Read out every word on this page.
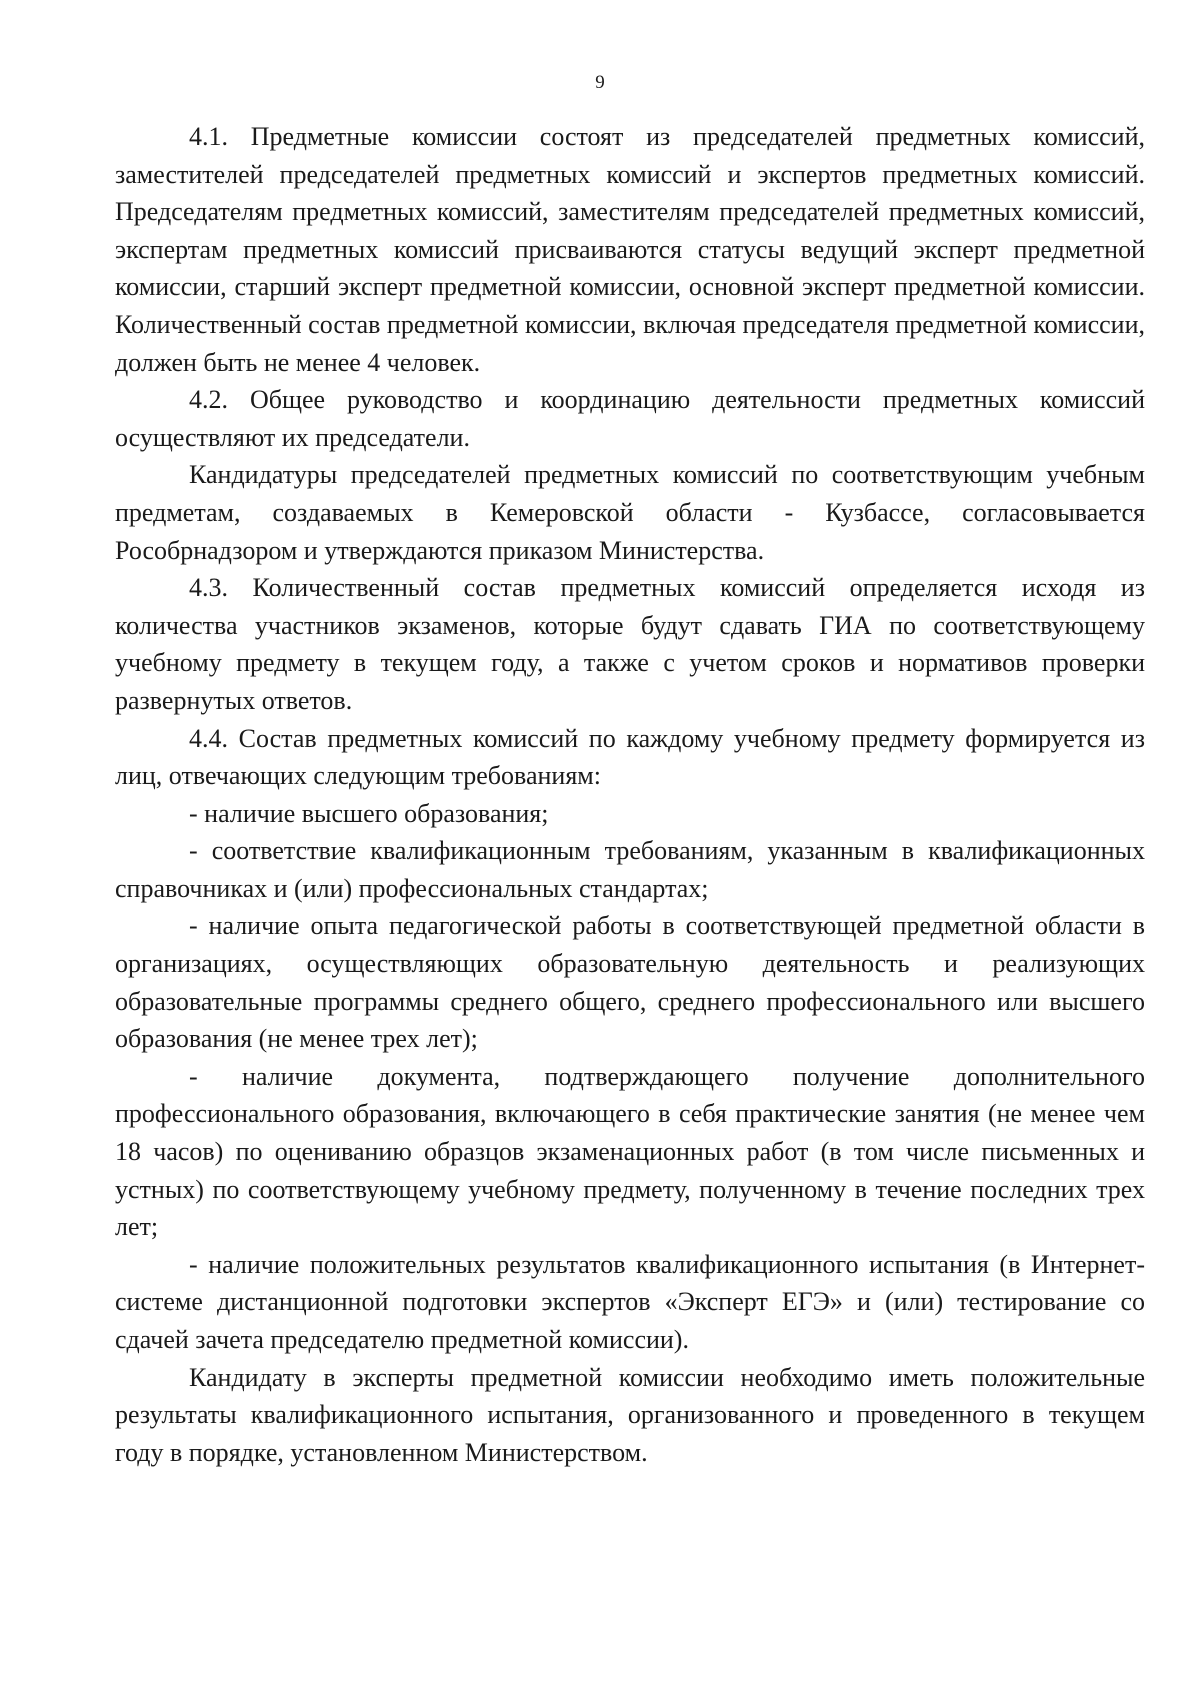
9

4.1. Предметные комиссии состоят из председателей предметных комиссий, заместителей председателей предметных комиссий и экспертов предметных комиссий. Председателям предметных комиссий, заместителям председателей предметных комиссий, экспертам предметных комиссий присваиваются статусы ведущий эксперт предметной комиссии, старший эксперт предметной комиссии, основной эксперт предметной комиссии. Количественный состав предметной комиссии, включая председателя предметной комиссии, должен быть не менее 4 человек.

4.2. Общее руководство и координацию деятельности предметных комиссий осуществляют их председатели.

Кандидатуры председателей предметных комиссий по соответствующим учебным предметам, создаваемых в Кемеровской области - Кузбассе, согласовывается Рособрнадзором и утверждаются приказом Министерства.

4.3. Количественный состав предметных комиссий определяется исходя из количества участников экзаменов, которые будут сдавать ГИА по соответствующему учебному предмету в текущем году, а также с учетом сроков и нормативов проверки развернутых ответов.

4.4. Состав предметных комиссий по каждому учебному предмету формируется из лиц, отвечающих следующим требованиям:

- наличие высшего образования;

- соответствие квалификационным требованиям, указанным в квалификационных справочниках и (или) профессиональных стандартах;

- наличие опыта педагогической работы в соответствующей предметной области в организациях, осуществляющих образовательную деятельность и реализующих образовательные программы среднего общего, среднего профессионального или высшего образования (не менее трех лет);

- наличие документа, подтверждающего получение дополнительного профессионального образования, включающего в себя практические занятия (не менее чем 18 часов) по оцениванию образцов экзаменационных работ (в том числе письменных и устных) по соответствующему учебному предмету, полученному в течение последних трех лет;

- наличие положительных результатов квалификационного испытания (в Интернет-системе дистанционной подготовки экспертов «Эксперт ЕГЭ» и (или) тестирование со сдачей зачета председателю предметной комиссии).

Кандидату в эксперты предметной комиссии необходимо иметь положительные результаты квалификационного испытания, организованного и проведенного в текущем году в порядке, установленном Министерством.
